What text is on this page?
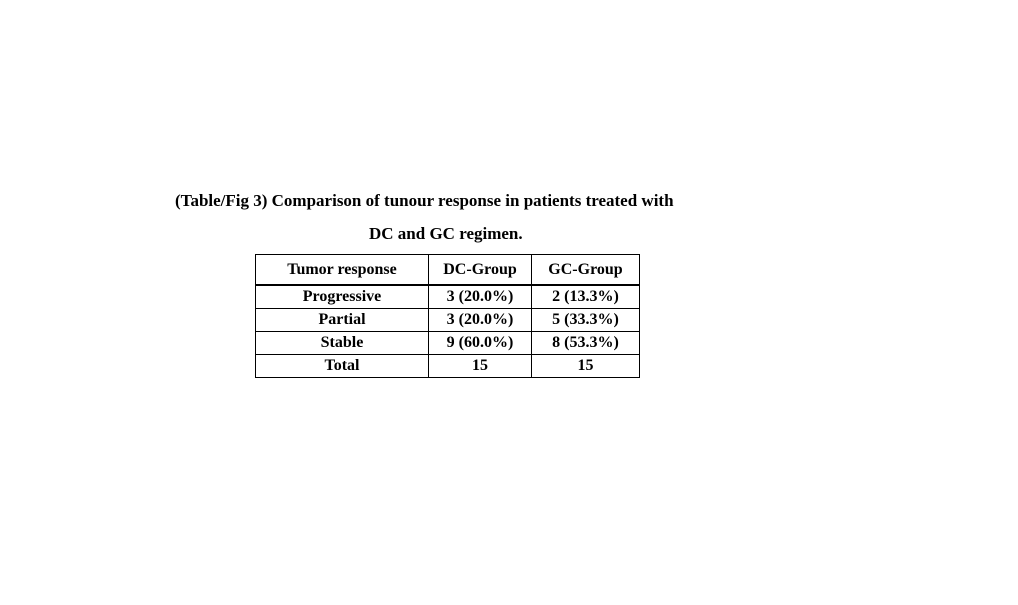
(Table/Fig 3) Comparison of tunour response in patients treated with
DC and GC regimen.
Tumor response	DC-Group	GC-Group
Progressive	3 (20.0%)	2 (13.3%)
Partial	3 (20.0%)	5 (33.3%)
Stable	9 (60.0%)	8 (53.3%)
Total	15	15
